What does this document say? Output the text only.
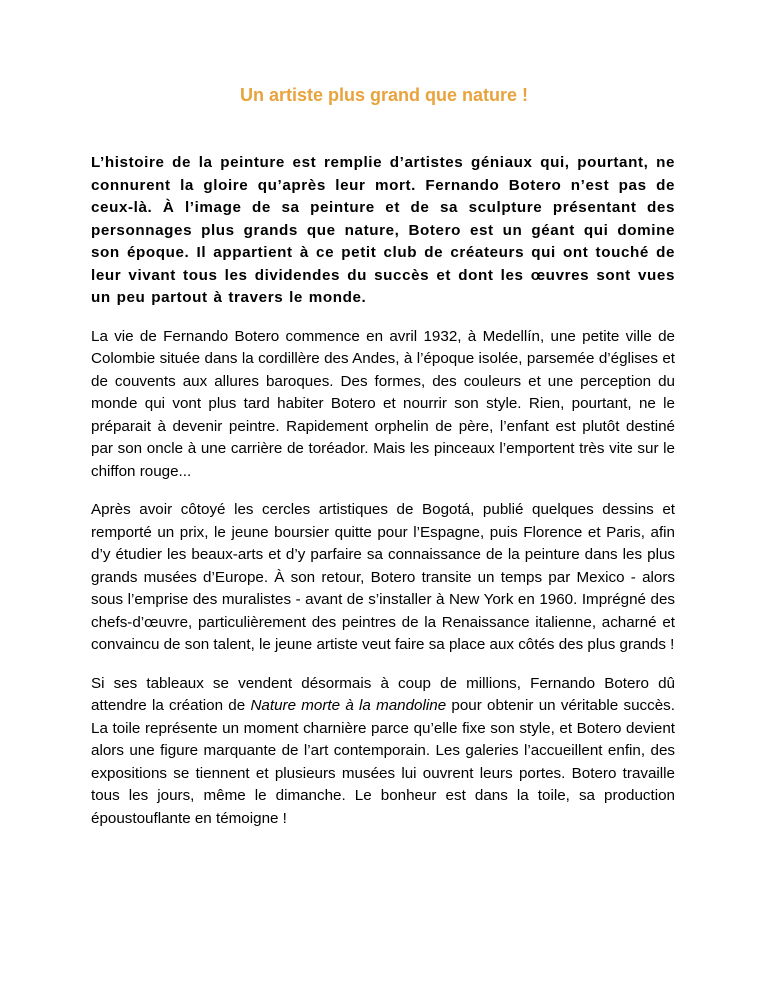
Un artiste plus grand que nature !

L’histoire de la peinture est remplie d’artistes géniaux qui, pourtant, ne connurent la gloire qu’après leur mort. Fernando Botero n’est pas de ceux-là. À l’image de sa peinture et de sa sculpture présentant des personnages plus grands que nature, Botero est un géant qui domine son époque. Il appartient à ce petit club de créateurs qui ont touché de leur vivant tous les dividendes du succès et dont les œuvres sont vues un peu partout à travers le monde.

La vie de Fernando Botero commence en avril 1932, à Medellín, une petite ville de Colombie située dans la cordillère des Andes, à l’époque isolée, parsemée d’églises et de couvents aux allures baroques. Des formes, des couleurs et une perception du monde qui vont plus tard habiter Botero et nourrir son style. Rien, pourtant, ne le préparait à devenir peintre. Rapidement orphelin de père, l’enfant est plutôt destiné par son oncle à une carrière de toréador. Mais les pinceaux l’emportent très vite sur le chiffon rouge...

Après avoir côtoyé les cercles artistiques de Bogotá, publié quelques dessins et remporté un prix, le jeune boursier quitte pour l’Espagne, puis Florence et Paris, afin d’y étudier les beaux-arts et d’y parfaire sa connaissance de la peinture dans les plus grands musées d’Europe. À son retour, Botero transite un temps par Mexico - alors sous l’emprise des muralistes - avant de s’installer à New York en 1960. Imprégné des chefs-d’œuvre, particulièrement des peintres de la Renaissance italienne, acharné et convaincu de son talent, le jeune artiste veut faire sa place aux côtés des plus grands !

Si ses tableaux se vendent désormais à coup de millions, Fernando Botero dû attendre la création de Nature morte à la mandoline pour obtenir un véritable succès. La toile représente un moment charnière parce qu’elle fixe son style, et Botero devient alors une figure marquante de l’art contemporain. Les galeries l’accueillent enfin, des expositions se tiennent et plusieurs musées lui ouvrent leurs portes. Botero travaille tous les jours, même le dimanche. Le bonheur est dans la toile, sa production époustouflante en témoigne !
